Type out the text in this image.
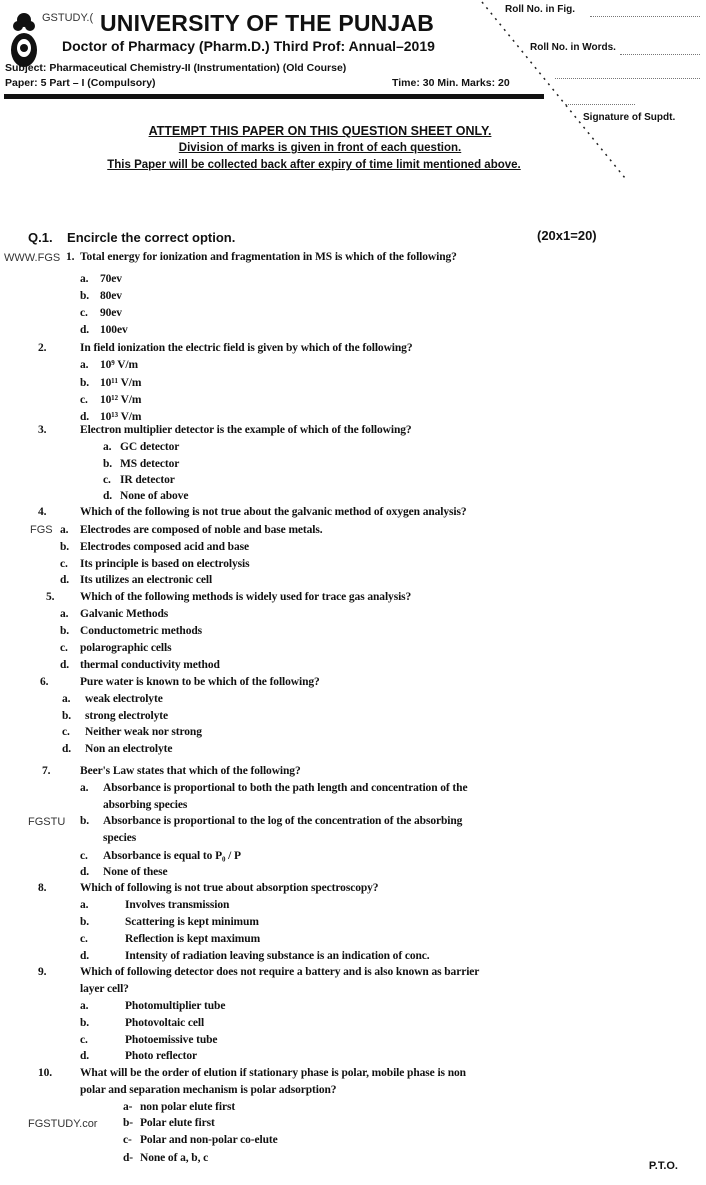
GSTUDY.( UNIVERSITY OF THE PUNJAB
Doctor of Pharmacy (Pharm.D.) Third Prof: Annual–2019
Subject: Pharmaceutical Chemistry-II (Instrumentation) (Old Course)
Paper: 5 Part – I (Compulsory)	Time: 30 Min. Marks: 20
Roll No. in Fig.
Roll No. in Words.
Signature of Supdt.
ATTEMPT THIS PAPER ON THIS QUESTION SHEET ONLY.
Division of marks is given in front of each question.
This Paper will be collected back after expiry of time limit mentioned above.
Q.1. Encircle the correct option.	(20x1=20)
1. Total energy for ionization and fragmentation in MS is which of the following?
a. 70ev
b. 80ev
c. 90ev
d. 100ev
2.	In field ionization the electric field is given by which of the following?
a. 10⁹ V/m
b. 10¹¹ V/m
c. 10¹² V/m
d. 10¹³ V/m
3.	Electron multiplier detector is the example of which of the following?
a. GC detector
b. MS detector
c. IR detector
d. None of above
4.	Which of the following is not true about the galvanic method of oxygen analysis?
a. Electrodes are composed of noble and base metals.
b. Electrodes composed acid and base
c. Its principle is based on electrolysis
d. Its utilizes an electronic cell
5. Which of the following methods is widely used for trace gas analysis?
a. Galvanic Methods
b. Conductometric methods
c. polarographic cells
d. thermal conductivity method
6.	Pure water is known to be which of the following?
a. weak electrolyte
b. strong electrolyte
c. Neither weak nor strong
d. Non an electrolyte
7.	Beer's Law states that which of the following?
a. Absorbance is proportional to both the path length and concentration of the
absorbing species
b. Absorbance is proportional to the log of the concentration of the absorbing
species
c. Absorbance is equal to P₀ / P
d. None of these
8.	Which of following is not true about absorption spectroscopy?
a.	Involves transmission
b.	Scattering is kept minimum
c.	Reflection is kept maximum
d.	Intensity of radiation leaving substance is an indication of conc.
9.	Which of following detector does not require a battery and is also known as barrier
layer cell?
a.	Photomultiplier tube
b.	Photovoltaic cell
c.	Photoemissive tube
d.	Photo reflector
10. What will be the order of elution if stationary phase is polar, mobile phase is non
polar and separation mechanism is polar adsorption?
a- non polar elute first
b- Polar elute first
c- Polar and non-polar co-elute
d- None of a, b, c
WWW.FGS
FGS
FGSTU
FGSTUDY.cor
P.T.O.
